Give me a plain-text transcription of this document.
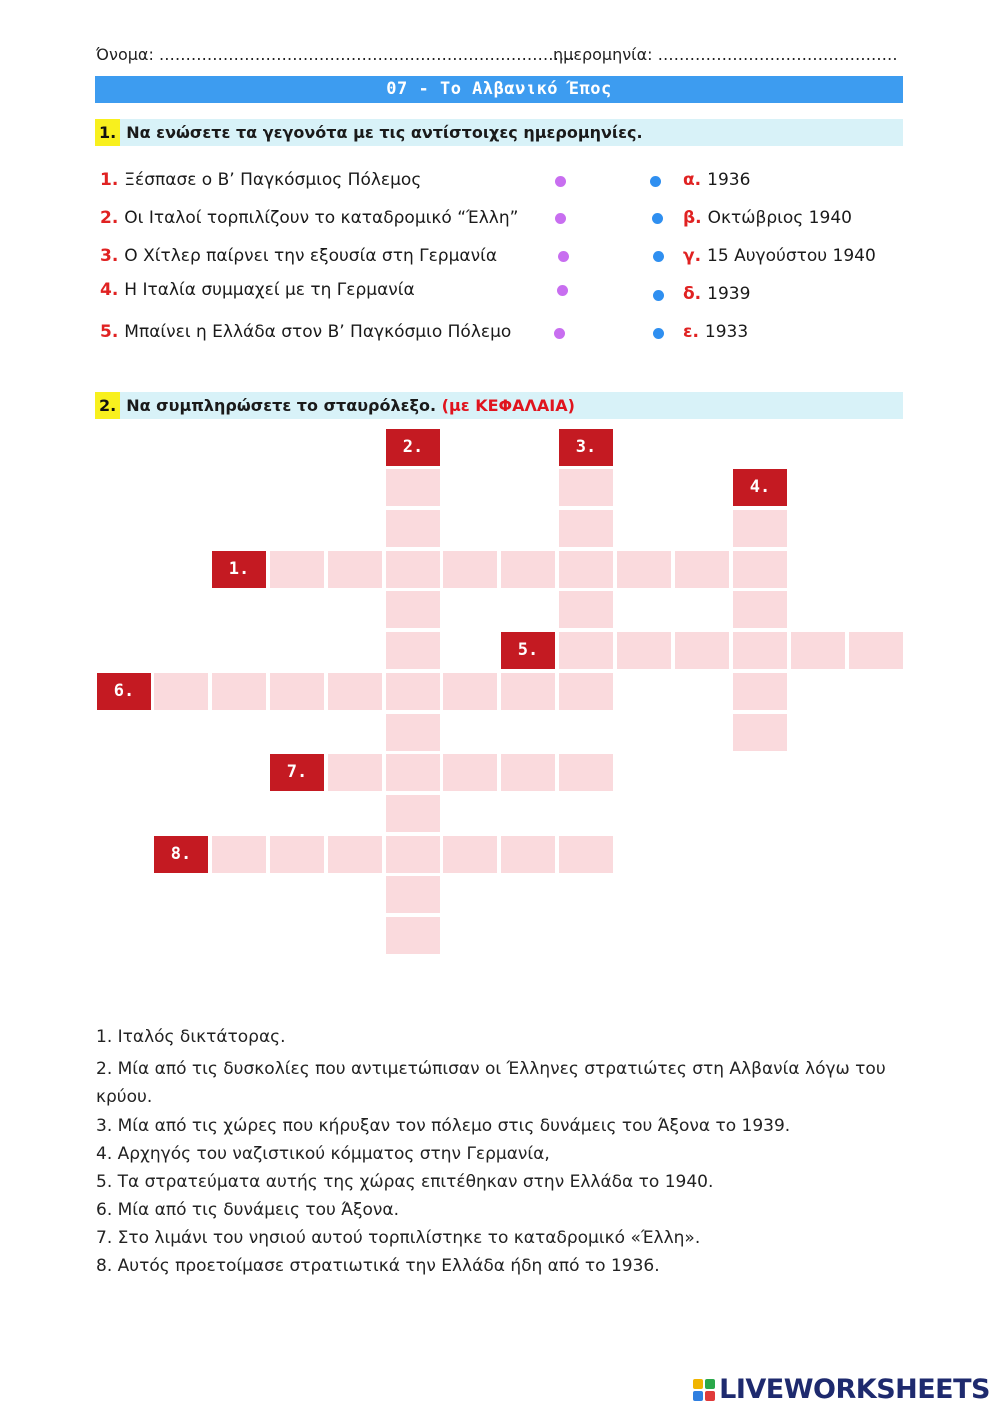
Όνομα: ……………………………………………………………………
ημερομηνία: ………………………………………
07 - Το Αλβανικό Έπος
1. Να ενώσετε τα γεγονότα με τις αντίστοιχες ημερομηνίες.
1. Ξέσπασε ο Β’ Παγκόσμιος Πόλεμος
2. Οι Ιταλοί τορπιλίζουν το καταδρομικό “Έλλη”
3. Ο Χίτλερ παίρνει την εξουσία στη Γερμανία
4. Η Ιταλία συμμαχεί με τη Γερμανία
5. Μπαίνει η Ελλάδα στον Β’ Παγκόσμιο Πόλεμο
α. 1936
β. Οκτώβριος 1940
γ. 15 Αυγούστου 1940
δ. 1939
ε. 1933
2. Να συμπληρώσετε το σταυρόλεξο. (με ΚΕΦΑΛΑΙΑ)
1.
2.	3.
4.
5.
6.
7.
8.
1. Ιταλός δικτάτορας.
2. Μία από τις δυσκολίες που αντιμετώπισαν οι Έλληνες στρατιώτες στη Αλβανία λόγω του κρύου.
3. Μία από τις χώρες που κήρυξαν τον πόλεμο στις δυνάμεις του Άξονα το 1939.
4. Αρχηγός του ναζιστικού κόμματος στην Γερμανία,
5. Τα στρατεύματα αυτής της χώρας επιτέθηκαν στην Ελλάδα το 1940.
6. Μία από τις δυνάμεις του Άξονα.
7. Στο λιμάνι του νησιού αυτού τορπιλίστηκε το καταδρομικό «Έλλη».
8. Αυτός προετοίμασε στρατιωτικά την Ελλάδα ήδη από το 1936.
LIVEWORKSHEETS
